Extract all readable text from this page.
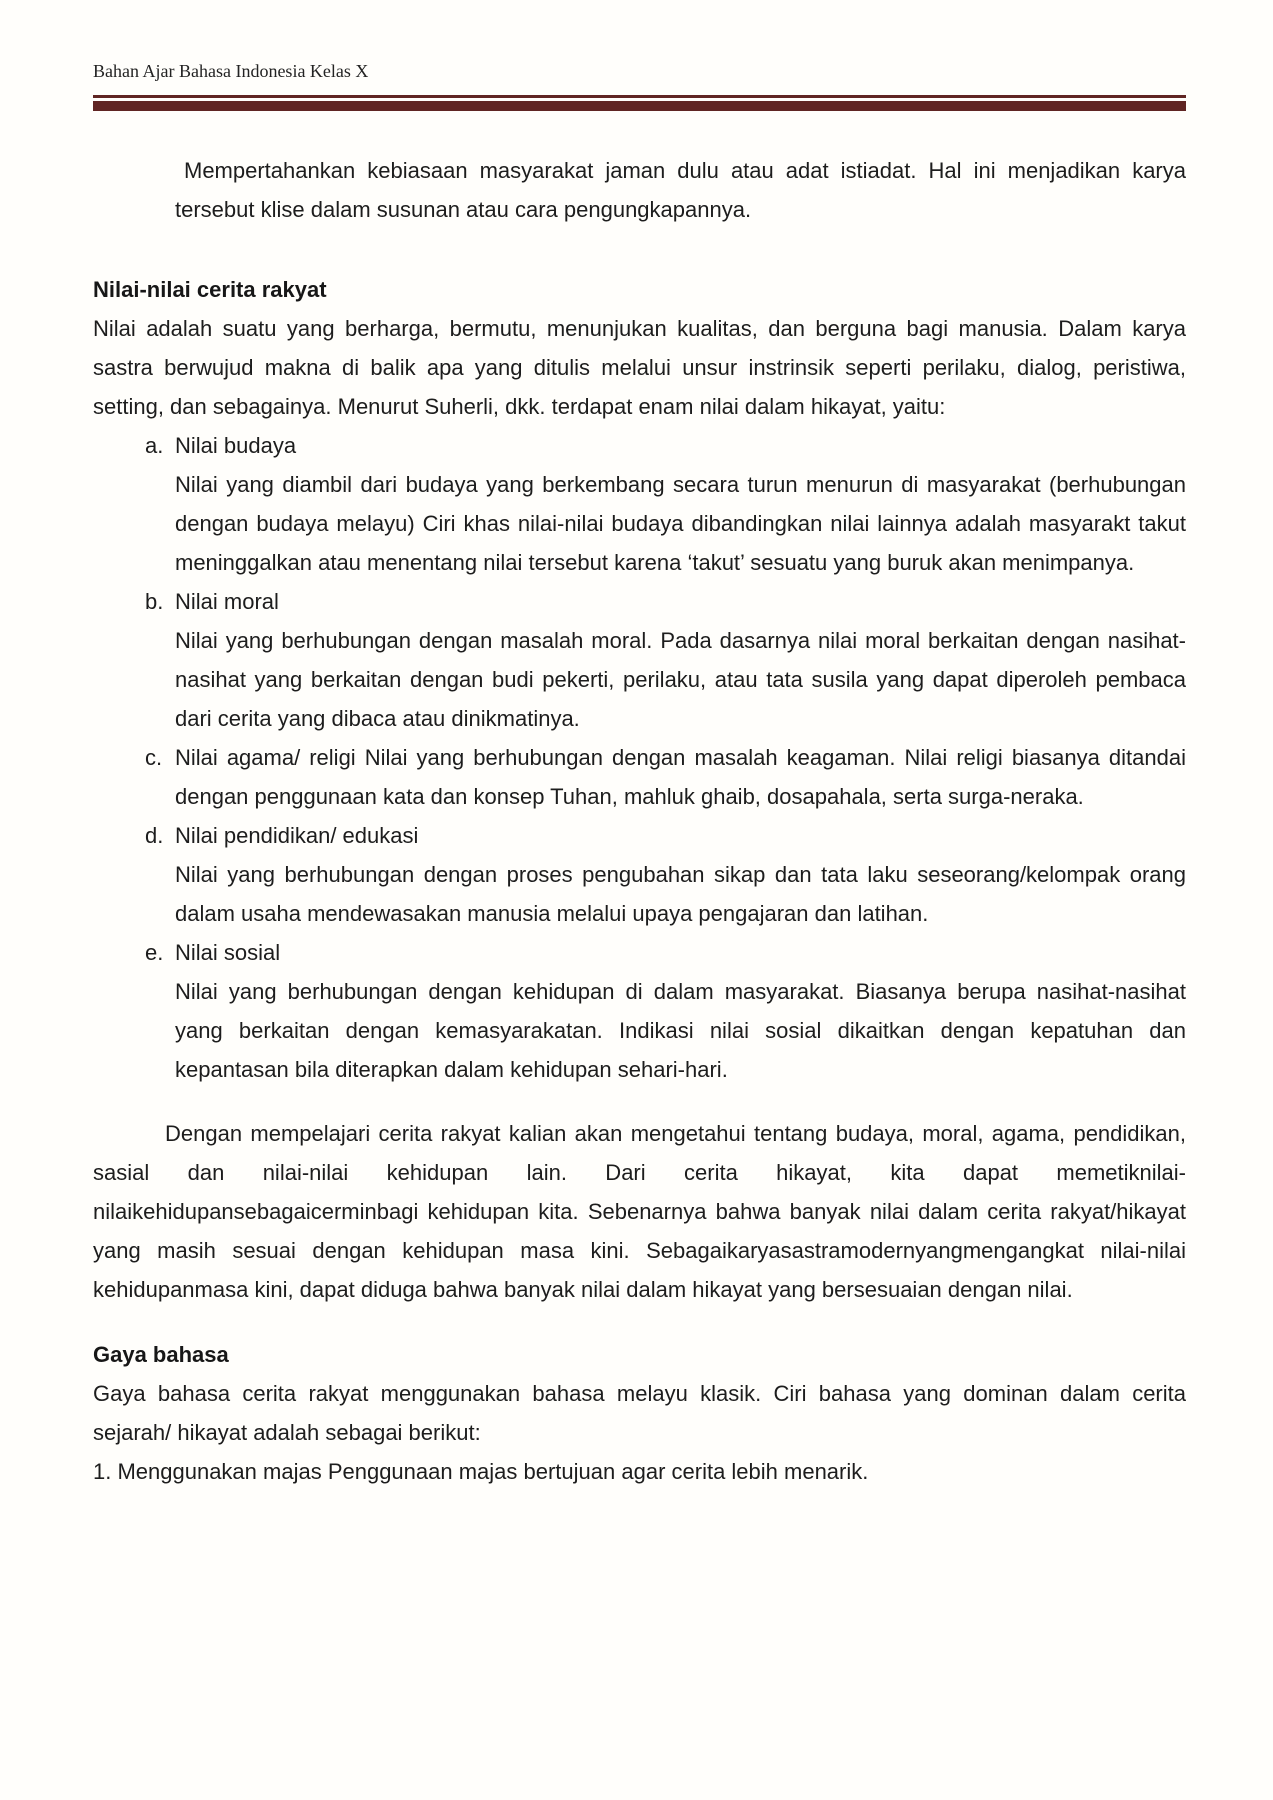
Bahan Ajar Bahasa Indonesia Kelas X

Mempertahankan kebiasaan masyarakat jaman dulu atau adat istiadat. Hal ini menjadikan karya tersebut klise dalam susunan atau cara pengungkapannya.

Nilai-nilai cerita rakyat

Nilai adalah suatu yang berharga, bermutu, menunjukan kualitas, dan berguna bagi manusia. Dalam karya sastra berwujud makna di balik apa yang ditulis melalui unsur instrinsik seperti perilaku, dialog, peristiwa, setting, dan sebagainya. Menurut Suherli, dkk. terdapat enam nilai dalam hikayat, yaitu:

a. Nilai budaya
Nilai yang diambil dari budaya yang berkembang secara turun menurun di masyarakat (berhubungan dengan budaya melayu) Ciri khas nilai-nilai budaya dibandingkan nilai lainnya adalah masyarakt takut meninggalkan atau menentang nilai tersebut karena ‘takut’ sesuatu yang buruk akan menimpanya.
b. Nilai moral
Nilai yang berhubungan dengan masalah moral. Pada dasarnya nilai moral berkaitan dengan nasihat-nasihat yang berkaitan dengan budi pekerti, perilaku, atau tata susila yang dapat diperoleh pembaca dari cerita yang dibaca atau dinikmatinya.
c. Nilai agama/ religi Nilai yang berhubungan dengan masalah keagaman. Nilai religi biasanya ditandai dengan penggunaan kata dan konsep Tuhan, mahluk ghaib, dosapahala, serta surga-neraka.
d. Nilai pendidikan/ edukasi
Nilai yang berhubungan dengan proses pengubahan sikap dan tata laku seseorang/kelompak orang dalam usaha mendewasakan manusia melalui upaya pengajaran dan latihan.
e. Nilai sosial
Nilai yang berhubungan dengan kehidupan di dalam masyarakat. Biasanya berupa nasihat-nasihat yang berkaitan dengan kemasyarakatan. Indikasi nilai sosial dikaitkan dengan kepatuhan dan kepantasan bila diterapkan dalam kehidupan sehari-hari.

Dengan mempelajari cerita rakyat kalian akan mengetahui tentang budaya, moral, agama, pendidikan, sasial dan nilai-nilai kehidupan lain. Dari cerita hikayat, kita dapat memetiknilai-nilaikehidupansebagaicerminbagi kehidupan kita. Sebenarnya bahwa banyak nilai dalam cerita rakyat/hikayat yang masih sesuai dengan kehidupan masa kini. Sebagaikaryasastramodernyangmengangkat nilai-nilai kehidupanmasa kini, dapat diduga bahwa banyak nilai dalam hikayat yang bersesuaian dengan nilai.

Gaya bahasa

Gaya bahasa cerita rakyat menggunakan bahasa melayu klasik. Ciri bahasa yang dominan dalam cerita sejarah/ hikayat adalah sebagai berikut:

1. Menggunakan majas Penggunaan majas bertujuan agar cerita lebih menarik.
